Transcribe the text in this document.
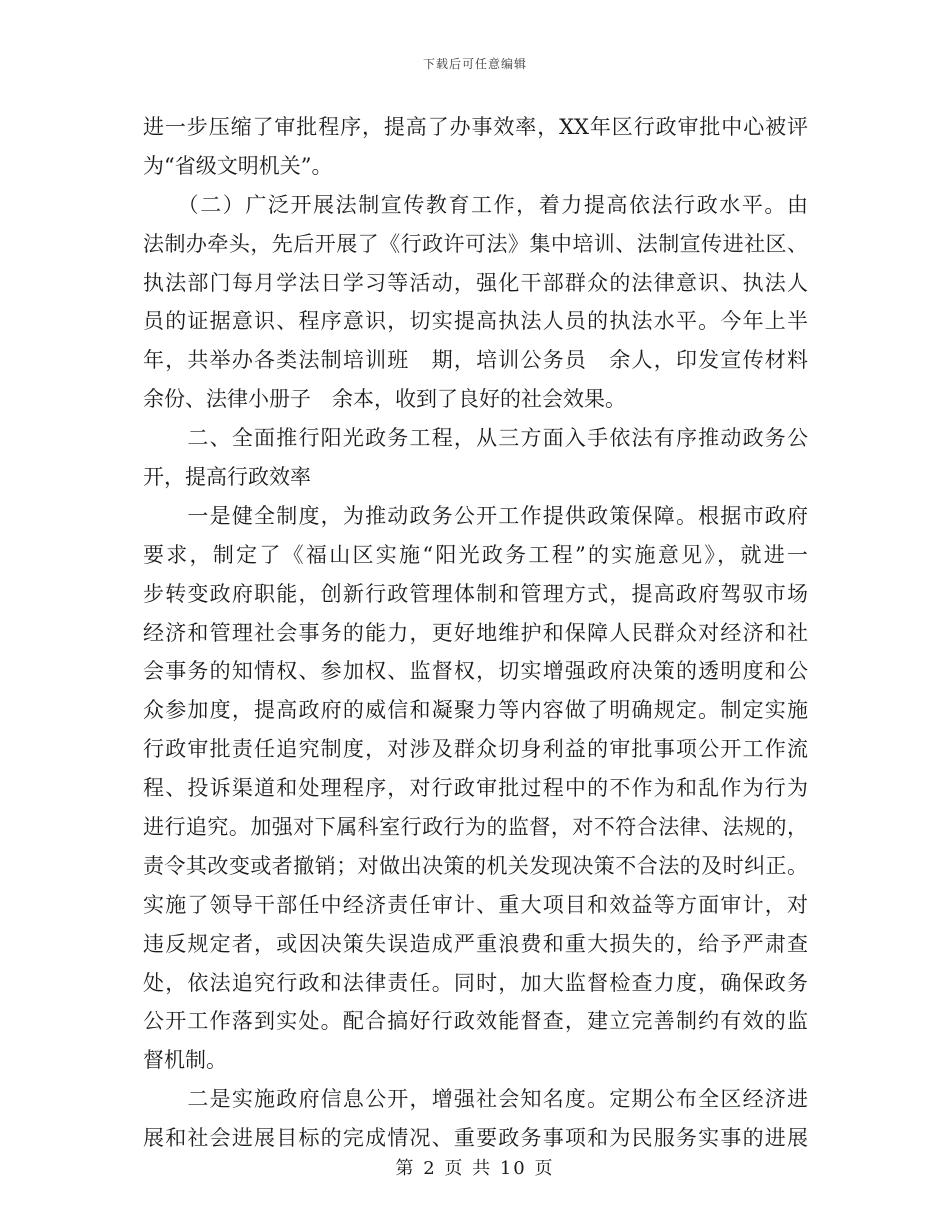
下载后可任意编辑
进一步压缩了审批程序，提高了办事效率，XX年区行政审批中心被评
为“省级文明机关”。
　　（二）广泛开展法制宣传教育工作，着力提高依法行政水平。由
法制办牵头，先后开展了《行政许可法》集中培训、法制宣传进社区、
执法部门每月学法日学习等活动，强化干部群众的法律意识、执法人
员的证据意识、程序意识，切实提高执法人员的执法水平。今年上半
年，共举办各类法制培训班　期，培训公务员　余人，印发宣传材料
余份、法律小册子　余本，收到了良好的社会效果。
　　二、全面推行阳光政务工程，从三方面入手依法有序推动政务公
开，提高行政效率
　　一是健全制度，为推动政务公开工作提供政策保障。根据市政府
要求，制定了《福山区实施“阳光政务工程”的实施意见》，就进一
步转变政府职能，创新行政管理体制和管理方式，提高政府驾驭市场
经济和管理社会事务的能力，更好地维护和保障人民群众对经济和社
会事务的知情权、参加权、监督权，切实增强政府决策的透明度和公
众参加度，提高政府的威信和凝聚力等内容做了明确规定。制定实施
行政审批责任追究制度，对涉及群众切身利益的审批事项公开工作流
程、投诉渠道和处理程序，对行政审批过程中的不作为和乱作为行为
进行追究。加强对下属科室行政行为的监督，对不符合法律、法规的，
责令其改变或者撤销；对做出决策的机关发现决策不合法的及时纠正。
实施了领导干部任中经济责任审计、重大项目和效益等方面审计，对
违反规定者，或因决策失误造成严重浪费和重大损失的，给予严肃查
处，依法追究行政和法律责任。同时，加大监督检查力度，确保政务
公开工作落到实处。配合搞好行政效能督查，建立完善制约有效的监
督机制。
　　二是实施政府信息公开，增强社会知名度。定期公布全区经济进
展和社会进展目标的完成情况、重要政务事项和为民服务实事的进展
第 2 页 共 10 页
